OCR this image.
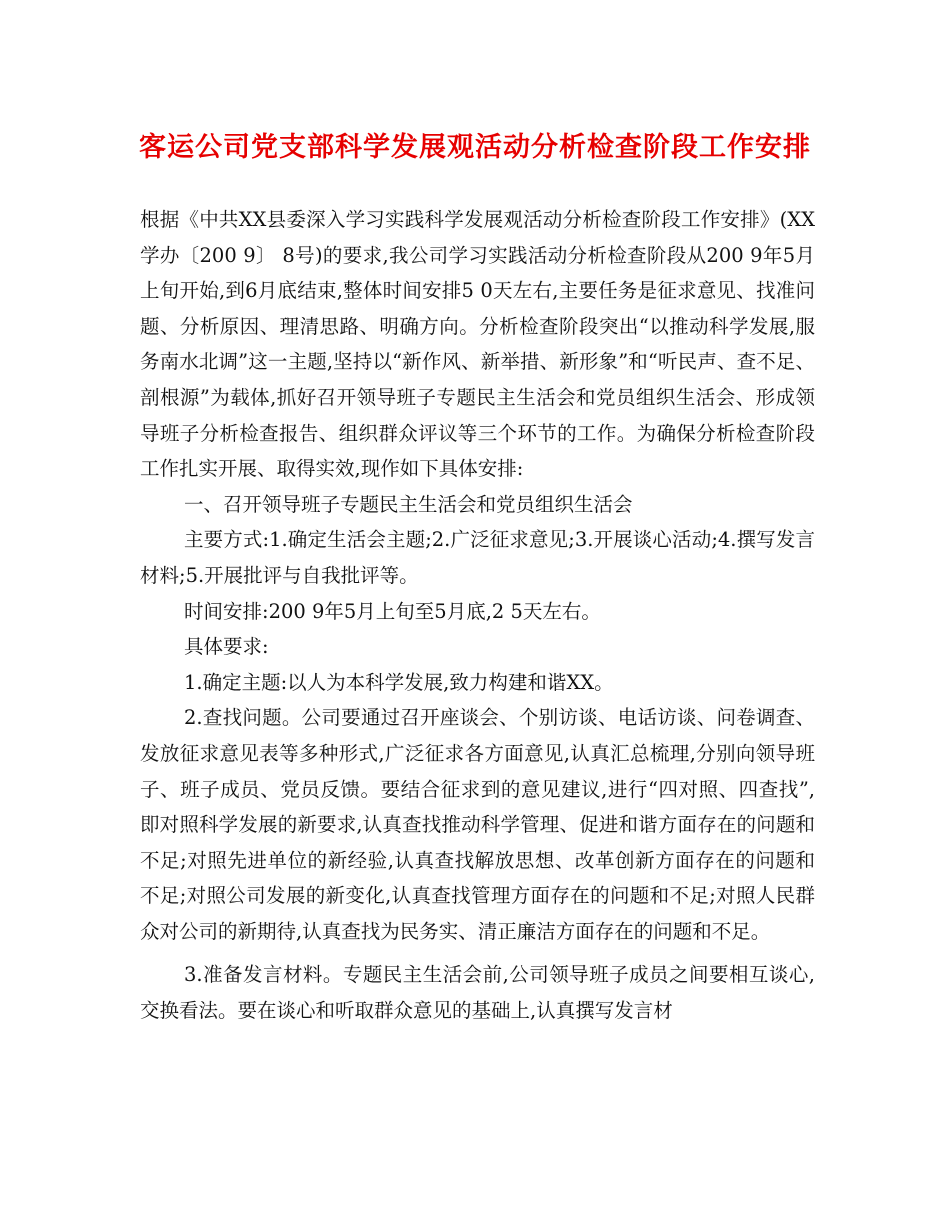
客运公司党支部科学发展观活动分析检查阶段工作安排

根据《中共XX县委深入学习实践科学发展观活动分析检查阶段工作安排》(XX学办〔200 9〕 8号)的要求,我公司学习实践活动分析检查阶段从200 9年5月上旬开始,到6月底结束,整体时间安排5 0天左右,主要任务是征求意见、找准问题、分析原因、理清思路、明确方向。分析检查阶段突出“以推动科学发展,服务南水北调”这一主题,坚持以“新作风、新举措、新形象”和“听民声、查不足、剖根源”为载体,抓好召开领导班子专题民主生活会和党员组织生活会、形成领导班子分析检查报告、组织群众评议等三个环节的工作。为确保分析检查阶段工作扎实开展、取得实效,现作如下具体安排:

一、召开领导班子专题民主生活会和党员组织生活会

主要方式:1.确定生活会主题;2.广泛征求意见;3.开展谈心活动;4.撰写发言材料;5.开展批评与自我批评等。

时间安排:200 9年5月上旬至5月底,2 5天左右。

具体要求:

1.确定主题:以人为本科学发展,致力构建和谐XX。

2.查找问题。公司要通过召开座谈会、个别访谈、电话访谈、问卷调查、发放征求意见表等多种形式,广泛征求各方面意见,认真汇总梳理,分别向领导班子、班子成员、党员反馈。要结合征求到的意见建议,进行“四对照、四查找”,即对照科学发展的新要求,认真查找推动科学管理、促进和谐方面存在的问题和不足;对照先进单位的新经验,认真查找解放思想、改革创新方面存在的问题和不足;对照公司发展的新变化,认真查找管理方面存在的问题和不足;对照人民群众对公司的新期待,认真查找为民务实、清正廉洁方面存在的问题和不足。

3.准备发言材料。专题民主生活会前,公司领导班子成员之间要相互谈心,交换看法。要在谈心和听取群众意见的基础上,认真撰写发言材
